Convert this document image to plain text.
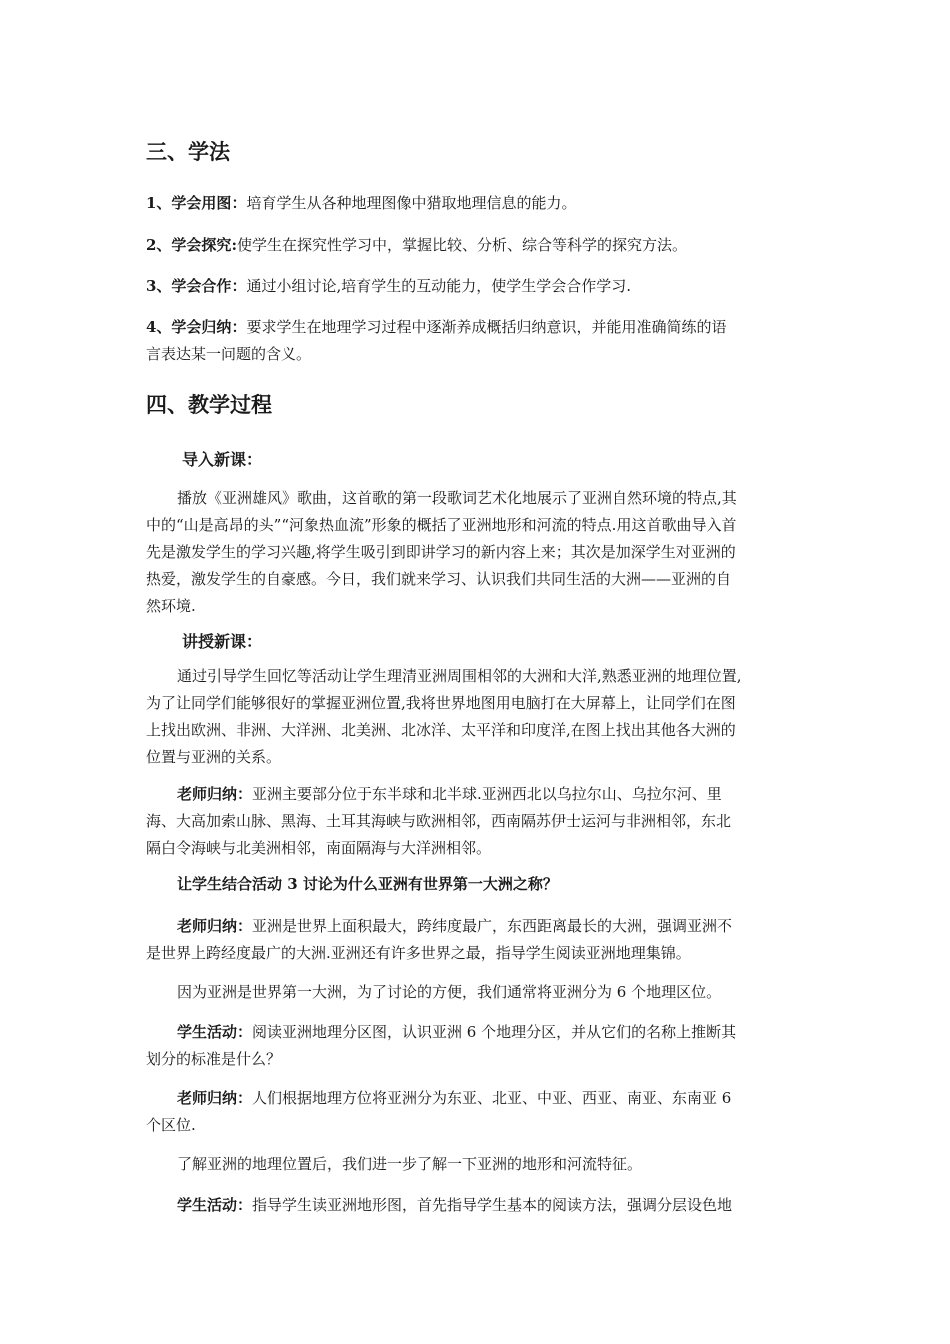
三、学法
1、学会用图：培育学生从各种地理图像中猎取地理信息的能力。
2、学会探究:使学生在探究性学习中，掌握比较、分析、综合等科学的探究方法。
3、学会合作：通过小组讨论,培育学生的互动能力，使学生学会合作学习.
4、学会归纳：要求学生在地理学习过程中逐渐养成概括归纳意识，并能用准确简练的语
言表达某一问题的含义。
四、教学过程
导入新课：
播放《亚洲雄风》歌曲，这首歌的第一段歌词艺术化地展示了亚洲自然环境的特点,其
中的“山是高昂的头”“河象热血流”形象的概括了亚洲地形和河流的特点.用这首歌曲导入首
先是激发学生的学习兴趣,将学生吸引到即讲学习的新内容上来；其次是加深学生对亚洲的
热爱，激发学生的自豪感。今日，我们就来学习、认识我们共同生活的大洲——亚洲的自
然环境.
讲授新课：
通过引导学生回忆等活动让学生理清亚洲周围相邻的大洲和大洋,熟悉亚洲的地理位置,
为了让同学们能够很好的掌握亚洲位置,我将世界地图用电脑打在大屏幕上，让同学们在图
上找出欧洲、非洲、大洋洲、北美洲、北冰洋、太平洋和印度洋,在图上找出其他各大洲的
位置与亚洲的关系。
老师归纳：亚洲主要部分位于东半球和北半球.亚洲西北以乌拉尔山、乌拉尔河、里
海、大高加索山脉、黑海、土耳其海峡与欧洲相邻，西南隔苏伊士运河与非洲相邻，东北
隔白令海峡与北美洲相邻，南面隔海与大洋洲相邻。
让学生结合活动 3 讨论为什么亚洲有世界第一大洲之称？
老师归纳：亚洲是世界上面积最大，跨纬度最广，东西距离最长的大洲，强调亚洲不
是世界上跨经度最广的大洲.亚洲还有许多世界之最，指导学生阅读亚洲地理集锦。
因为亚洲是世界第一大洲，为了讨论的方便，我们通常将亚洲分为 6 个地理区位。
学生活动：阅读亚洲地理分区图，认识亚洲 6 个地理分区，并从它们的名称上推断其
划分的标准是什么？
老师归纳：人们根据地理方位将亚洲分为东亚、北亚、中亚、西亚、南亚、东南亚 6
个区位.
了解亚洲的地理位置后，我们进一步了解一下亚洲的地形和河流特征。
学生活动：指导学生读亚洲地形图，首先指导学生基本的阅读方法，强调分层设色地
